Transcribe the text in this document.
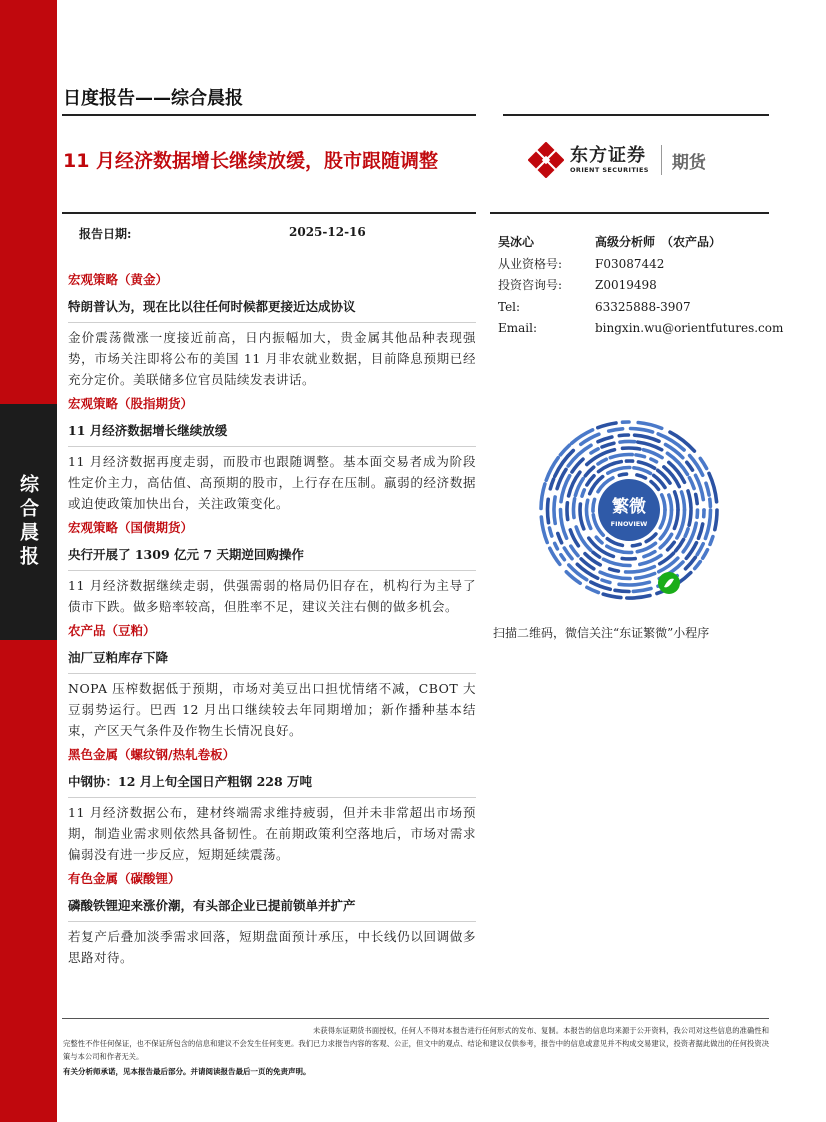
综合晨报
日度报告——综合晨报
11 月经济数据增长继续放缓，股市跟随调整	东方证券
ORIENT SECURITIES 期货
报告日期:	2025-12-16
宏观策略（黄金）
特朗普认为，现在比以往任何时候都更接近达成协议
金价震荡微涨一度接近前高，日内振幅加大，贵金属其他品种表现强势，市场关注即将公布的美国 11 月非农就业数据，目前降息预期已经充分定价。美联储多位官员陆续发表讲话。
宏观策略（股指期货）
11 月经济数据增长继续放缓
11 月经济数据再度走弱，而股市也跟随调整。基本面交易者成为阶段性定价主力，高估值、高预期的股市，上行存在压制。羸弱的经济数据或迫使政策加快出台，关注政策变化。
宏观策略（国债期货）
央行开展了 1309 亿元 7 天期逆回购操作
11 月经济数据继续走弱，供强需弱的格局仍旧存在，机构行为主导了债市下跌。做多赔率较高，但胜率不足，建议关注右侧的做多机会。
农产品（豆粕）
油厂豆粕库存下降
NOPA 压榨数据低于预期，市场对美豆出口担忧情绪不减，CBOT 大豆弱势运行。巴西 12 月出口继续较去年同期增加；新作播种基本结束，产区天气条件及作物生长情况良好。
黑色金属（螺纹钢/热轧卷板）
中钢协：12 月上旬全国日产粗钢 228 万吨
11 月经济数据公布，建材终端需求维持疲弱，但并未非常超出市场预期，制造业需求则依然具备韧性。在前期政策利空落地后，市场对需求偏弱没有进一步反应，短期延续震荡。
有色金属（碳酸锂）
磷酸铁锂迎来涨价潮，有头部企业已提前锁单并扩产
若复产后叠加淡季需求回落，短期盘面预计承压，中长线仍以回调做多思路对待。
吴冰心	高级分析师　（农产品）
从业资格号:	F03087442
投资咨询号:	Z0019498
Tel:	63325888-3907
Email:	bingxin.wu@orientfutures.com
繁微
FINOVIEW
扫描二维码，微信关注“东证繁微”小程序
未获得东证期货书面授权，任何人不得对本报告进行任何形式的发布、复制。本报告的信息均来源于公开资料，我公司对这些信息的准确性和完整性不作任何保证，也不保证所包含的信息和建议不会发生任何变更。我们已力求报告内容的客观、公正，但文中的观点、结论和建议仅供参考，报告中的信息或意见并不构成交易建议，投资者据此做出的任何投资决策与本公司和作者无关。
有关分析师承诺，见本报告最后部分。并请阅读报告最后一页的免责声明。
